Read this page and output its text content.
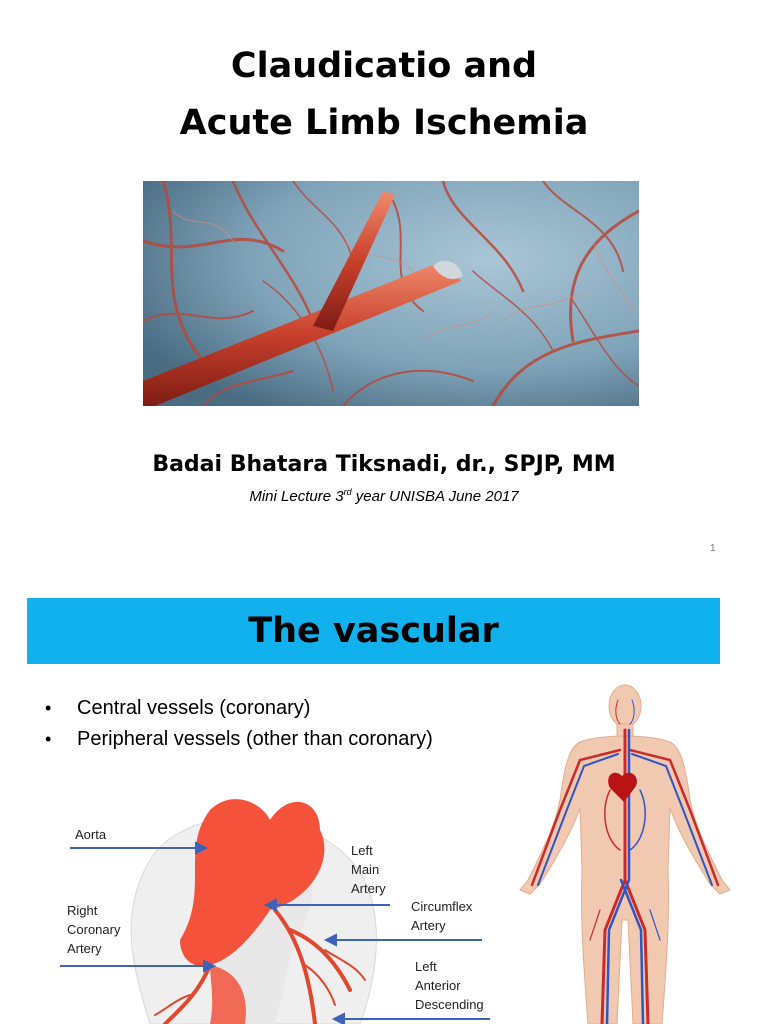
Claudicatio and
Acute Limb Ischemia
Badai Bhatara Tiksnadi, dr., SPJP, MM
Mini Lecture 3rd year UNISBA June 2017
1
The vascular
•	Central vessels (coronary)
•	Peripheral vessels (other than coronary)
Aorta
Left
Main
Artery
Circumflex
Artery
Right
Coronary
Artery
Left
Anterior
Descending
